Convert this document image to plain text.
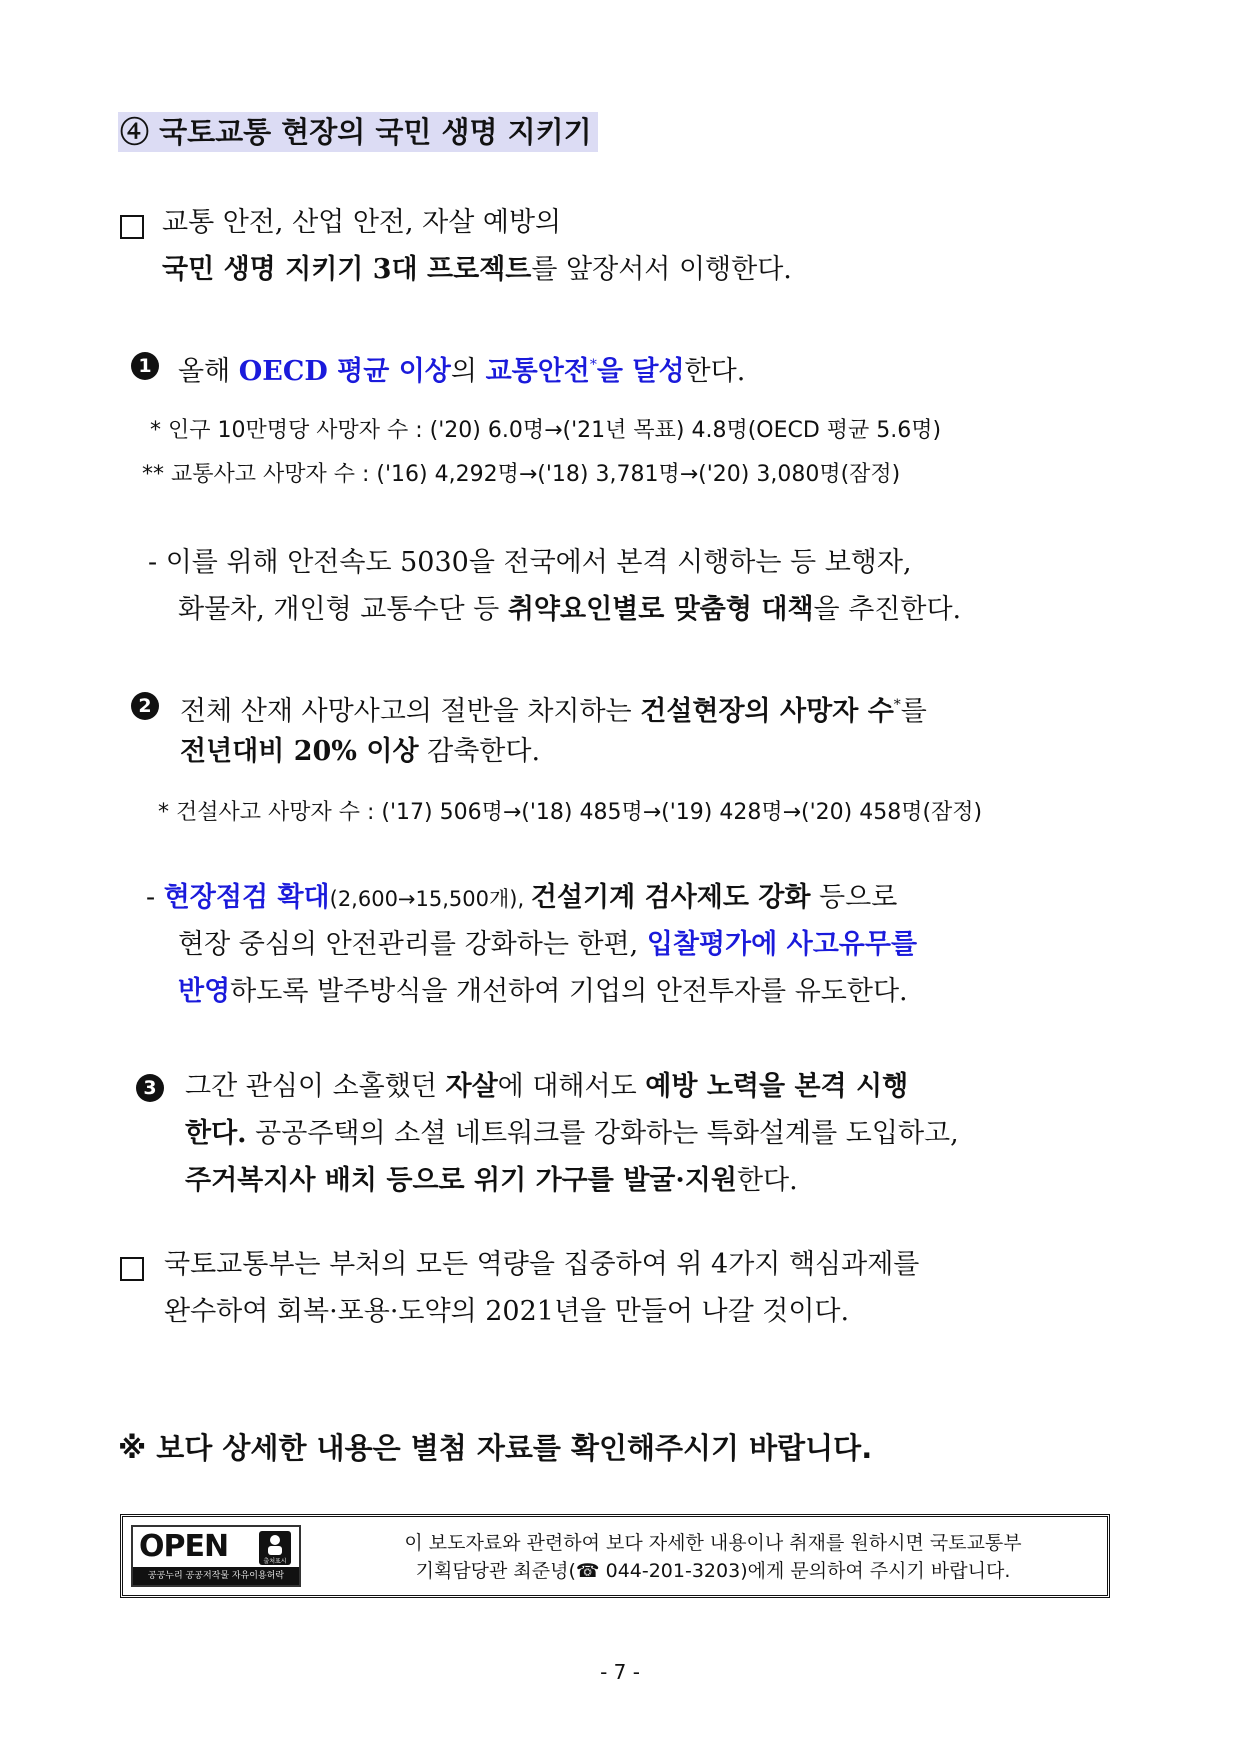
④ 국토교통 현장의 국민 생명 지키기
교통 안전, 산업 안전, 자살 예방의
국민 생명 지키기 3대 프로젝트를 앞장서서 이행한다.
1 올해 OECD 평균 이상의 교통안전*을 달성한다.
* 인구 10만명당 사망자 수 : ('20) 6.0명→('21년 목표) 4.8명(OECD 평균 5.6명)
** 교통사고 사망자 수 : ('16) 4,292명→('18) 3,781명→('20) 3,080명(잠정)
- 이를 위해 안전속도 5030을 전국에서 본격 시행하는 등 보행자,
화물차, 개인형 교통수단 등 취약요인별로 맞춤형 대책을 추진한다.
2 전체 산재 사망사고의 절반을 차지하는 건설현장의 사망자 수*를
전년대비 20% 이상 감축한다.
* 건설사고 사망자 수 : ('17) 506명→('18) 485명→('19) 428명→('20) 458명(잠정)
- 현장점검 확대(2,600→15,500개), 건설기계 검사제도 강화 등으로
현장 중심의 안전관리를 강화하는 한편, 입찰평가에 사고유무를
반영하도록 발주방식을 개선하여 기업의 안전투자를 유도한다.
3 그간 관심이 소홀했던 자살에 대해서도 예방 노력을 본격 시행
한다. 공공주택의 소셜 네트워크를 강화하는 특화설계를 도입하고,
주거복지사 배치 등으로 위기 가구를 발굴·지원한다.
국토교통부는 부처의 모든 역량을 집중하여 위 4가지 핵심과제를
완수하여 회복·포용·도약의 2021년을 만들어 나갈 것이다.
※ 보다 상세한 내용은 별첨 자료를 확인해주시기 바랍니다.
OPEN	출처표시
공공누리 공공저작물 자유이용허락
이 보도자료와 관련하여 보다 자세한 내용이나 취재를 원하시면 국토교통부
기획담당관 최준녕(☎ 044-201-3203)에게 문의하여 주시기 바랍니다.
- 7 -
